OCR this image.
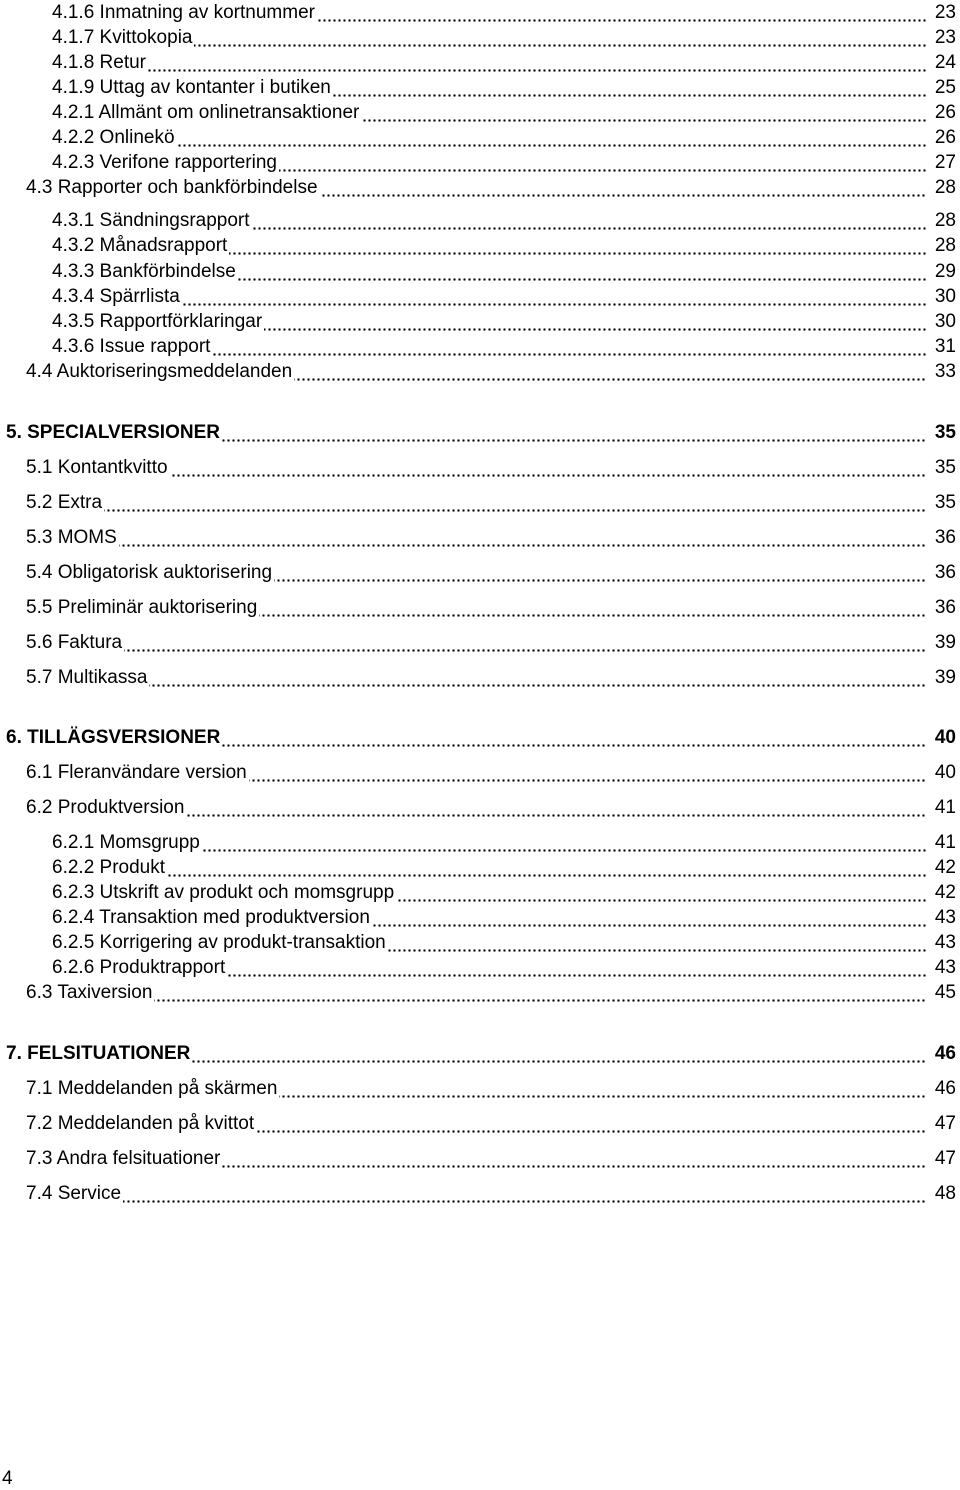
4.1.6 Inmatning av kortnummer	23
4.1.7 Kvittokopia	23
4.1.8 Retur	24
4.1.9 Uttag av kontanter i butiken	25
4.2.1 Allmänt om onlinetransaktioner	26
4.2.2 Onlinekö	26
4.2.3 Verifone rapportering	27
4.3 Rapporter och bankförbindelse	28
4.3.1 Sändningsrapport	28
4.3.2 Månadsrapport	28
4.3.3 Bankförbindelse	29
4.3.4 Spärrlista	30
4.3.5 Rapportförklaringar	30
4.3.6 Issue rapport	31
4.4 Auktoriseringsmeddelanden	33
5. SPECIALVERSIONER	35
5.1 Kontantkvitto	35
5.2 Extra	35
5.3 MOMS	36
5.4 Obligatorisk auktorisering	36
5.5 Preliminär auktorisering	36
5.6 Faktura	39
5.7 Multikassa	39
6. TILLÄGSVERSIONER	40
6.1 Fleranvändare version	40
6.2 Produktversion	41
6.2.1 Momsgrupp	41
6.2.2 Produkt	42
6.2.3 Utskrift av produkt och momsgrupp	42
6.2.4 Transaktion med produktversion	43
6.2.5 Korrigering av produkt-transaktion	43
6.2.6 Produktrapport	43
6.3 Taxiversion	45
7. FELSITUATIONER	46
7.1 Meddelanden på skärmen	46
7.2 Meddelanden på kvittot	47
7.3 Andra felsituationer	47
7.4 Service	48
4
